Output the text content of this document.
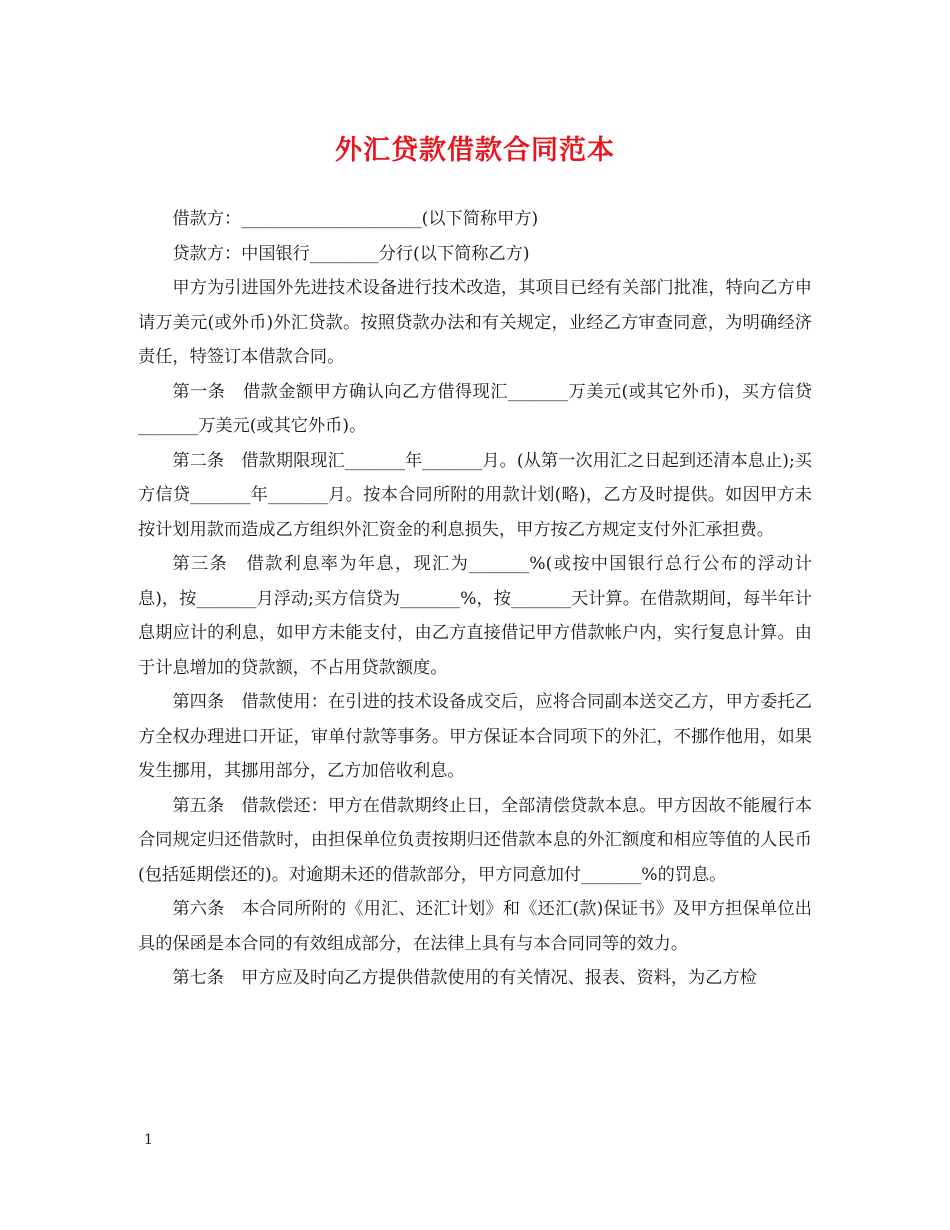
外汇贷款借款合同范本

借款方：_____________________(以下简称甲方)

贷款方：中国银行________分行(以下简称乙方)

甲方为引进国外先进技术设备进行技术改造，其项目已经有关部门批准，特向乙方申请万美元(或外币)外汇贷款。按照贷款办法和有关规定，业经乙方审查同意，为明确经济责任，特签订本借款合同。

第一条　借款金额甲方确认向乙方借得现汇_______万美元(或其它外币)，买方信贷_______万美元(或其它外币)。

第二条　借款期限现汇_______年_______月。(从第一次用汇之日起到还清本息止);买方信贷_______年_______月。按本合同所附的用款计划(略)，乙方及时提供。如因甲方未按计划用款而造成乙方组织外汇资金的利息损失，甲方按乙方规定支付外汇承担费。

第三条　借款利息率为年息，现汇为_______%(或按中国银行总行公布的浮动计息)，按_______月浮动;买方信贷为_______%，按_______天计算。在借款期间，每半年计息期应计的利息，如甲方未能支付，由乙方直接借记甲方借款帐户内，实行复息计算。由于计息增加的贷款额，不占用贷款额度。

第四条　借款使用：在引进的技术设备成交后，应将合同副本送交乙方，甲方委托乙方全权办理进口开证，审单付款等事务。甲方保证本合同项下的外汇，不挪作他用，如果发生挪用，其挪用部分，乙方加倍收利息。

第五条　借款偿还：甲方在借款期终止日，全部清偿贷款本息。甲方因故不能履行本合同规定归还借款时，由担保单位负责按期归还借款本息的外汇额度和相应等值的人民币(包括延期偿还的)。对逾期未还的借款部分，甲方同意加付_______%的罚息。

第六条　本合同所附的《用汇、还汇计划》和《还汇(款)保证书》及甲方担保单位出具的保函是本合同的有效组成部分，在法律上具有与本合同同等的效力。

第七条　甲方应及时向乙方提供借款使用的有关情况、报表、资料，为乙方检

1
